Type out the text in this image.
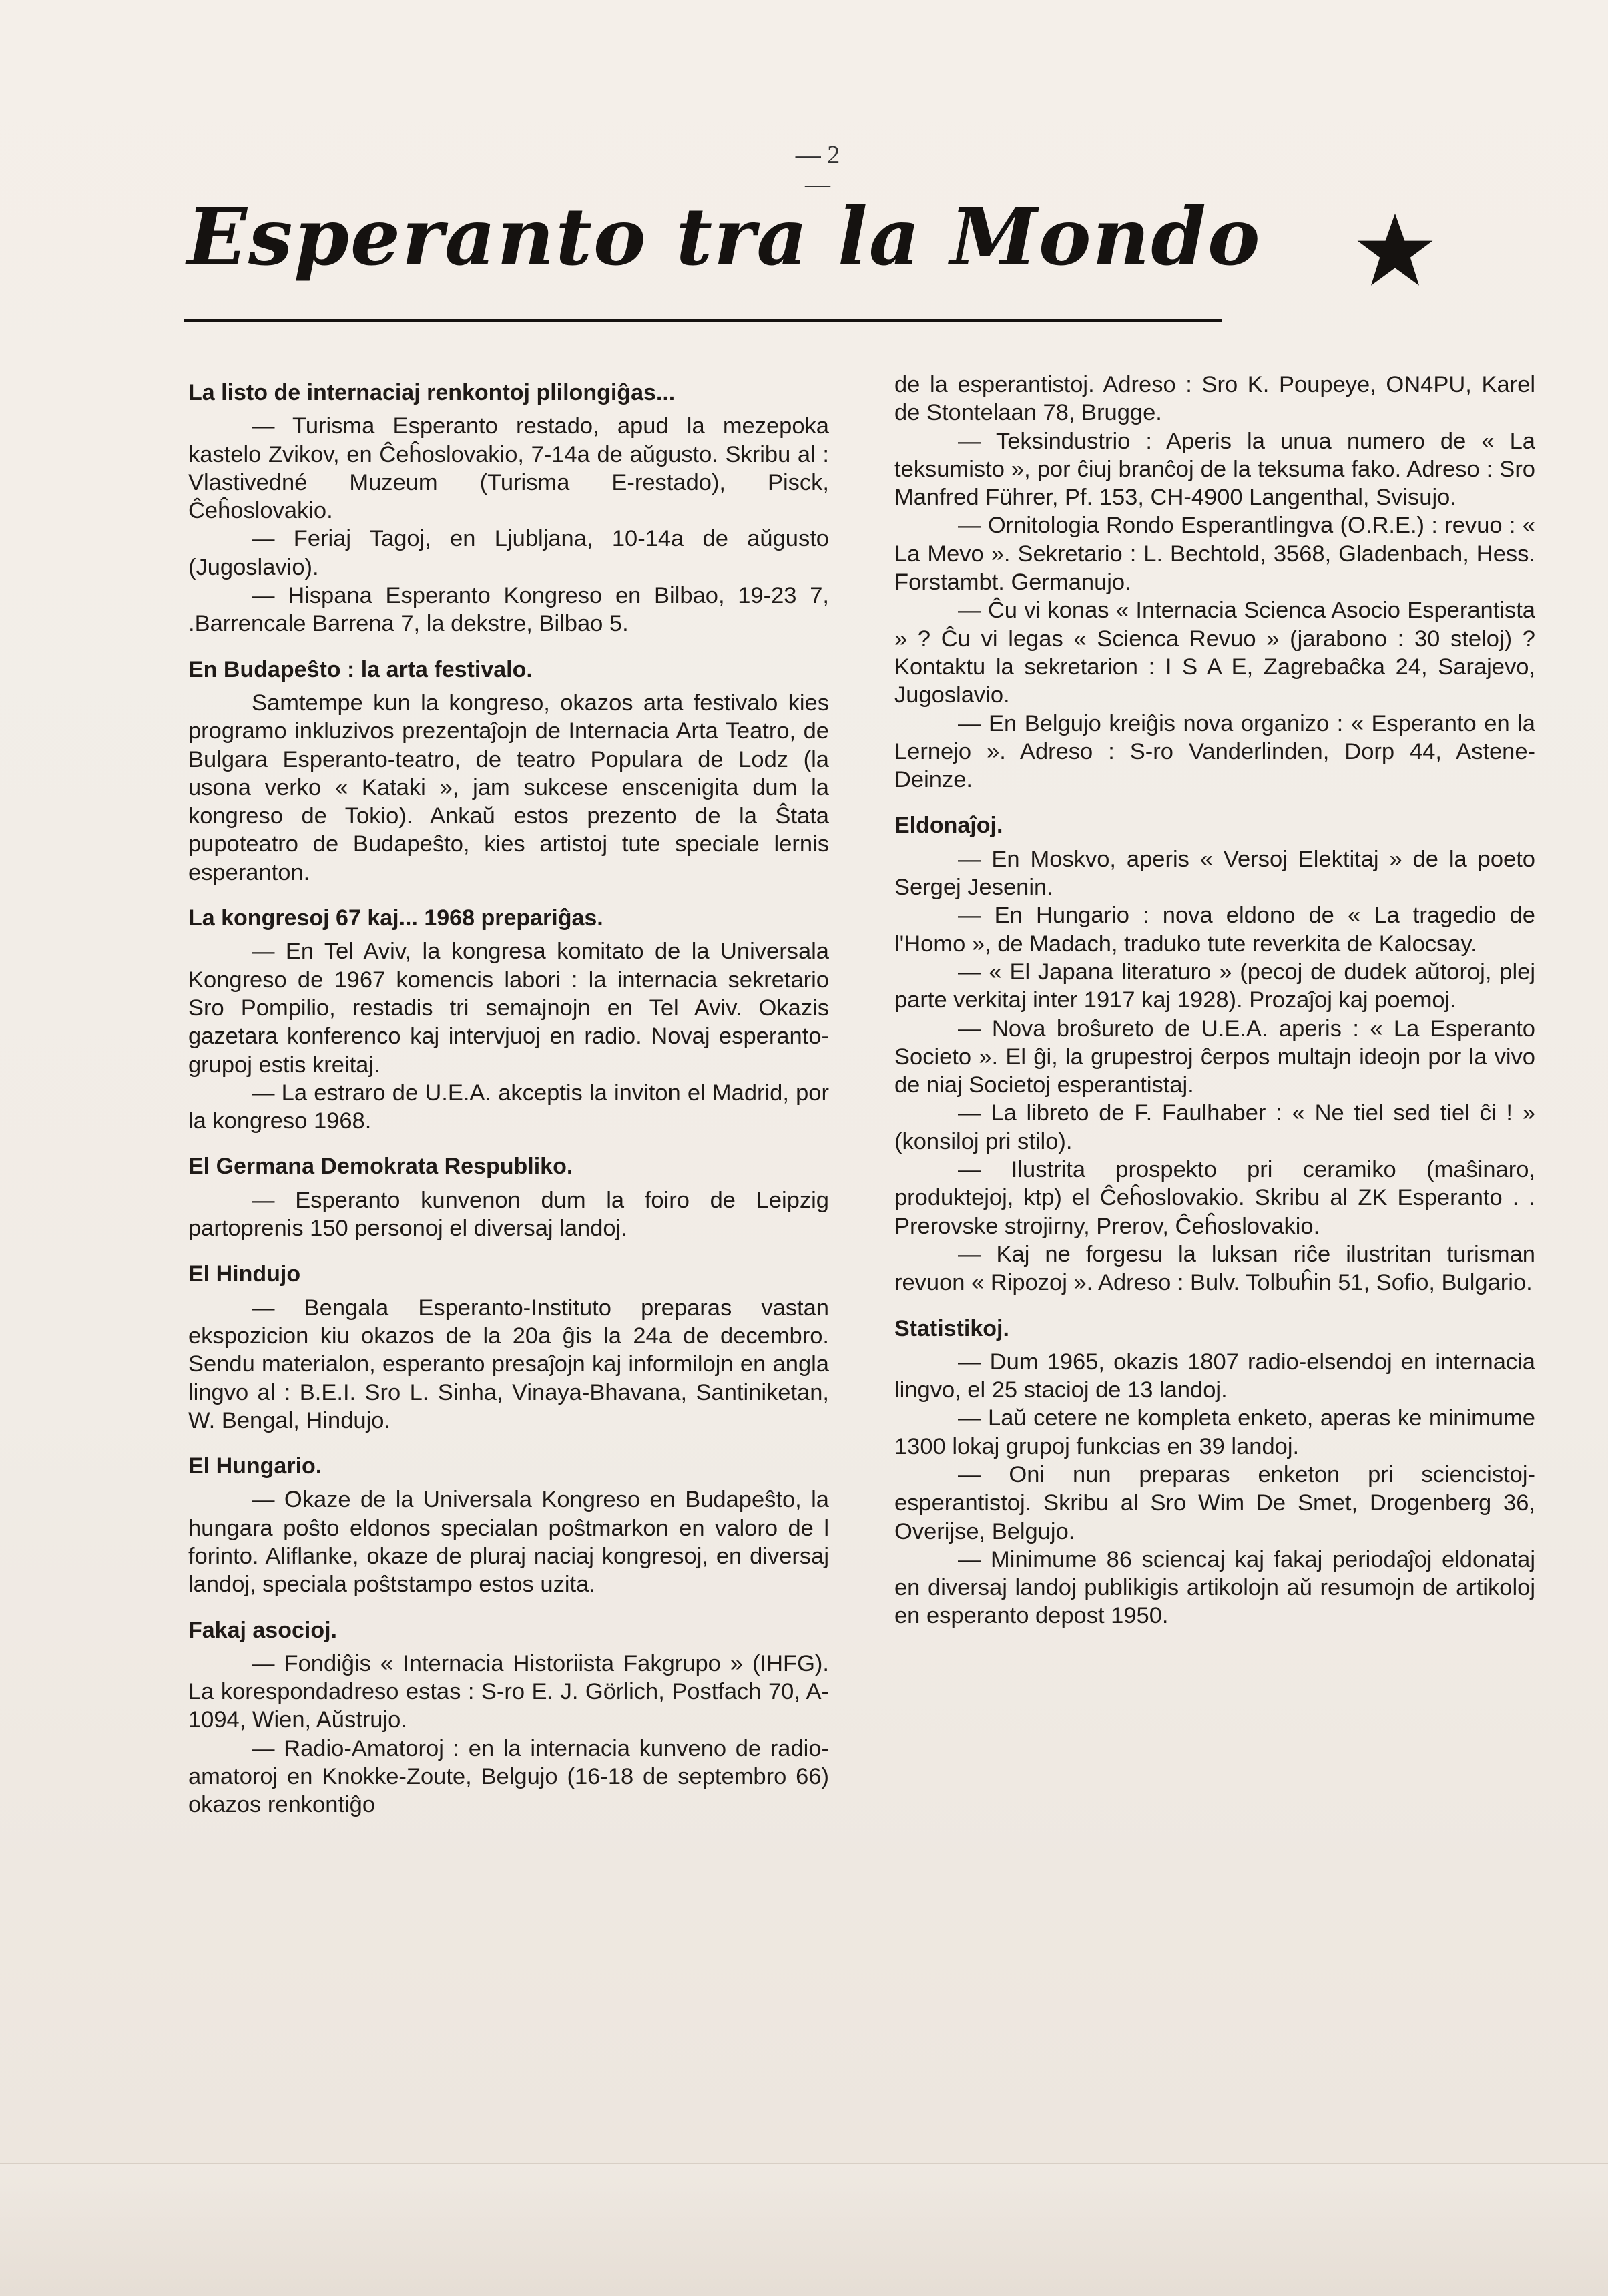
— 2 —
Esperanto tra la Mondo
La listo de internaciaj renkontoj plilongiĝas...

— Turisma Esperanto restado, apud la mezepoka kastelo Zvikov, en Ĉeĥoslovakio, 7-14a de aŭgusto. Skribu al : Vlastivedné Muzeum (Turisma E-restado), Pisck, Ĉeĥoslovakio.

— Feriaj Tagoj, en Ljubljana, 10-14a de aŭgusto (Jugoslavio).

— Hispana Esperanto Kongreso en Bilbao, 19-23 7, .Barrencale Barrena 7, la dekstre, Bilbao 5.

En Budapeŝto : la arta festivalo.

Samtempe kun la kongreso, okazos arta festivalo kies programo inkluzivos prezentaĵojn de Internacia Arta Teatro, de Bulgara Esperanto-teatro, de teatro Populara de Lodz (la usona verko « Kataki », jam sukcese enscenigita dum la kongreso de Tokio). Ankaŭ estos prezento de la Ŝtata pupoteatro de Budapeŝto, kies artistoj tute speciale lernis esperanton.

La kongresoj 67 kaj... 1968 prepariĝas.

— En Tel Aviv, la kongresa komitato de la Universala Kongreso de 1967 komencis labori : la internacia sekretario Sro Pompilio, restadis tri semajnojn en Tel Aviv. Okazis gazetara konferenco kaj intervjuoj en radio. Novaj esperanto-grupoj estis kreitaj.

— La estraro de U.E.A. akceptis la inviton el Madrid, por la kongreso 1968.

El Germana Demokrata Respubliko.

— Esperanto kunvenon dum la foiro de Leipzig partoprenis 150 personoj el diversaj landoj.

El Hindujo

— Bengala Esperanto-Instituto preparas vastan ekspozicion kiu okazos de la 20a ĝis la 24a de decembro. Sendu materialon, esperanto presaĵojn kaj informilojn en angla lingvo al : B.E.I. Sro L. Sinha, Vinaya-Bhavana, Santiniketan, W. Bengal, Hindujo.

El Hungario.

— Okaze de la Universala Kongreso en Budapeŝto, la hungara poŝto eldonos specialan poŝtmarkon en valoro de l forinto. Aliflanke, okaze de pluraj naciaj kongresoj, en diversaj landoj, speciala poŝtstampo estos uzita.

Fakaj asocioj.

— Fondiĝis « Internacia Historiista Fakgrupo » (IHFG). La korespondadreso estas : S-ro E. J. Görlich, Postfach 70, A-1094, Wien, Aŭstrujo.

— Radio-Amatoroj : en la internacia kunveno de radio-amatoroj en Knokke-Zoute, Belgujo (16-18 de septembro 66) okazos renkontiĝo

de la esperantistoj. Adreso : Sro K. Poupeye, ON4PU, Karel de Stontelaan 78, Brugge.

— Teksindustrio : Aperis la unua numero de « La teksumisto », por ĉiuj branĉoj de la teksuma fako. Adreso : Sro Manfred Führer, Pf. 153, CH-4900 Langenthal, Svisujo.

— Ornitologia Rondo Esperantlingva (O.R.E.) : revuo : « La Mevo ». Sekretario : L. Bechtold, 3568, Gladenbach, Hess. Forstambt. Germanujo.

— Ĉu vi konas « Internacia Scienca Asocio Esperantista » ? Ĉu vi legas « Scienca Revuo » (jarabono : 30 steloj) ? Kontaktu la sekretarion : I S A E, Zagrebaĉka 24, Sarajevo, Jugoslavio.

— En Belgujo kreiĝis nova organizo : « Esperanto en la Lernejo ». Adreso : S-ro Vanderlinden, Dorp 44, Astene-Deinze.

Eldonaĵoj.

— En Moskvo, aperis « Versoj Elektitaj » de la poeto Sergej Jesenin.

— En Hungario : nova eldono de « La tragedio de l'Homo », de Madach, traduko tute reverkita de Kalocsay.

— « El Japana literaturo » (pecoj de dudek aŭtoroj, plej parte verkitaj inter 1917 kaj 1928). Prozaĵoj kaj poemoj.

— Nova broŝureto de U.E.A. aperis : « La Esperanto Societo ». El ĝi, la grupestroj ĉerpos multajn ideojn por la vivo de niaj Societoj esperantistaj.

— La libreto de F. Faulhaber : « Ne tiel sed tiel ĉi ! » (konsiloj pri stilo).

— Ilustrita prospekto pri ceramiko (maŝinaro, produktejoj, ktp) el Ĉeĥoslovakio. Skribu al ZK Esperanto . . Prerovske strojirny, Prerov, Ĉeĥoslovakio.

— Kaj ne forgesu la luksan riĉe ilustritan turisman revuon « Ripozoj ». Adreso : Bulv. Tolbuĥin 51, Sofio, Bulgario.

Statistikoj.

— Dum 1965, okazis 1807 radio-elsendoj en internacia lingvo, el 25 stacioj de 13 landoj.

— Laŭ cetere ne kompleta enketo, aperas ke minimume 1300 lokaj grupoj funkcias en 39 landoj.

— Oni nun preparas enketon pri sciencistoj-esperantistoj. Skribu al Sro Wim De Smet, Drogenberg 36, Overijse, Belgujo.

— Minimume 86 sciencaj kaj fakaj periodaĵoj eldonataj en diversaj landoj publikigis artikolojn aŭ resumojn de artikoloj en esperanto depost 1950.
